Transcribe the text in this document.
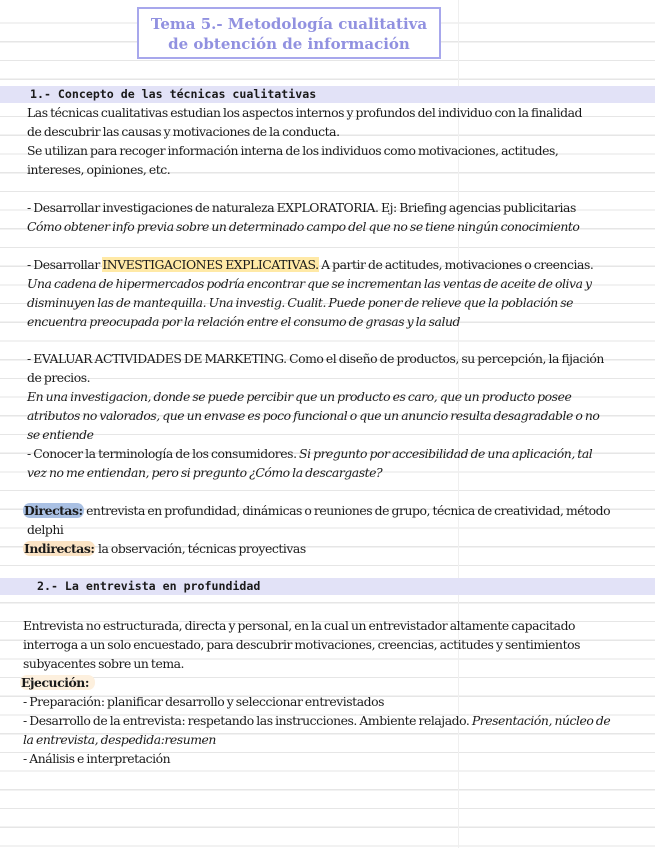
Tema 5.- Metodología cualitativa
de obtención de información
1.- Concepto de las técnicas cualitativas
Las técnicas cualitativas estudian los aspectos internos y profundos del individuo con la finalidad
de descubrir las causas y motivaciones de la conducta.
Se utilizan para recoger información interna de los individuos como motivaciones, actitudes,
intereses, opiniones, etc.
- Desarrollar investigaciones de naturaleza EXPLORATORIA. Ej: Briefing agencias publicitarias
Cómo obtener info previa sobre un determinado campo del que no se tiene ningún conocimiento
- Desarrollar INVESTIGACIONES EXPLICATIVAS. A partir de actitudes, motivaciones o creencias.
Una cadena de hipermercados podría encontrar que se incrementan las ventas de aceite de oliva y
disminuyen las de mantequilla. Una investig. Cualit. Puede poner de relieve que la población se
encuentra preocupada por la relación entre el consumo de grasas y la salud
- EVALUAR ACTIVIDADES DE MARKETING. Como el diseño de productos, su percepción, la fijación
de precios.
En una investigacion, donde se puede percibir que un producto es caro, que un producto posee
atributos no valorados, que un envase es poco funcional o que un anuncio resulta desagradable o no
se entiende
- Conocer la terminología de los consumidores. Si pregunto por accesibilidad de una aplicación, tal
vez no me entiendan, pero si pregunto ¿Cómo la descargaste?
Directas: entrevista en profundidad, dinámicas o reuniones de grupo, técnica de creatividad, método
delphi
Indirectas: la observación, técnicas proyectivas
2.- La entrevista en profundidad
Entrevista no estructurada, directa y personal, en la cual un entrevistador altamente capacitado
interroga a un solo encuestado, para descubrir motivaciones, creencias, actitudes y sentimientos
subyacentes sobre un tema.
Ejecución:
- Preparación: planificar desarrollo y seleccionar entrevistados
- Desarrollo de la entrevista: respetando las instrucciones. Ambiente relajado. Presentación, núcleo de
la entrevista, despedida:resumen
- Análisis e interpretación
